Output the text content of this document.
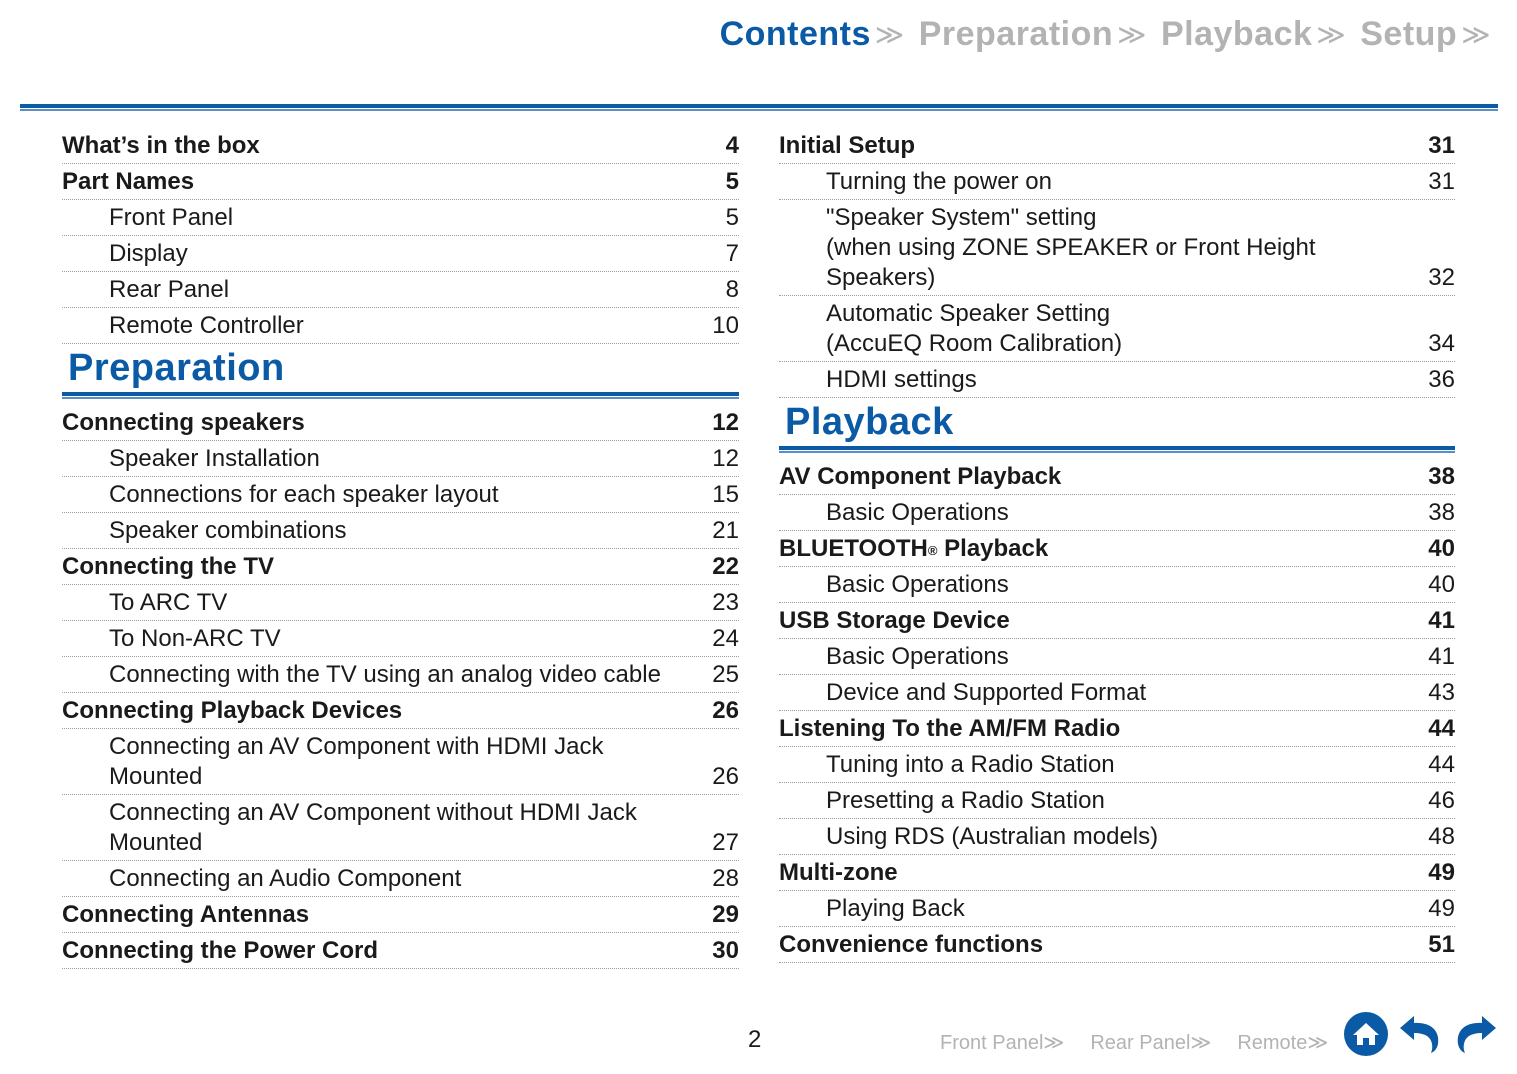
Contents ≫ Preparation ≫ Playback ≫ Setup ≫
What’s in the box	4
Part Names	5
Front Panel	5
Display	7
Rear Panel	8
Remote Controller	10
Preparation
Connecting speakers	12
Speaker Installation	12
Connections for each speaker layout	15
Speaker combinations	21
Connecting the TV	22
To ARC TV	23
To Non-ARC TV	24
Connecting with the TV using an analog video cable	25
Connecting Playback Devices	26
Connecting an AV Component with HDMI Jack
Mounted	26
Connecting an AV Component without HDMI Jack
Mounted	27
Connecting an Audio Component	28
Connecting Antennas	29
Connecting the Power Cord	30
Initial Setup	31
Turning the power on	31
"Speaker System" setting
(when using ZONE SPEAKER or Front Height
Speakers)	32
Automatic Speaker Setting
(AccuEQ Room Calibration)	34
HDMI settings	36
Playback
AV Component Playback	38
Basic Operations	38
BLUETOOTH® Playback	40
Basic Operations	40
USB Storage Device	41
Basic Operations	41
Device and Supported Format	43
Listening To the AM/FM Radio	44
Tuning into a Radio Station	44
Presetting a Radio Station	46
Using RDS (Australian models)	48
Multi-zone	49
Playing Back	49
Convenience functions	51
2	Front Panel≫ Rear Panel≫ Remote≫
